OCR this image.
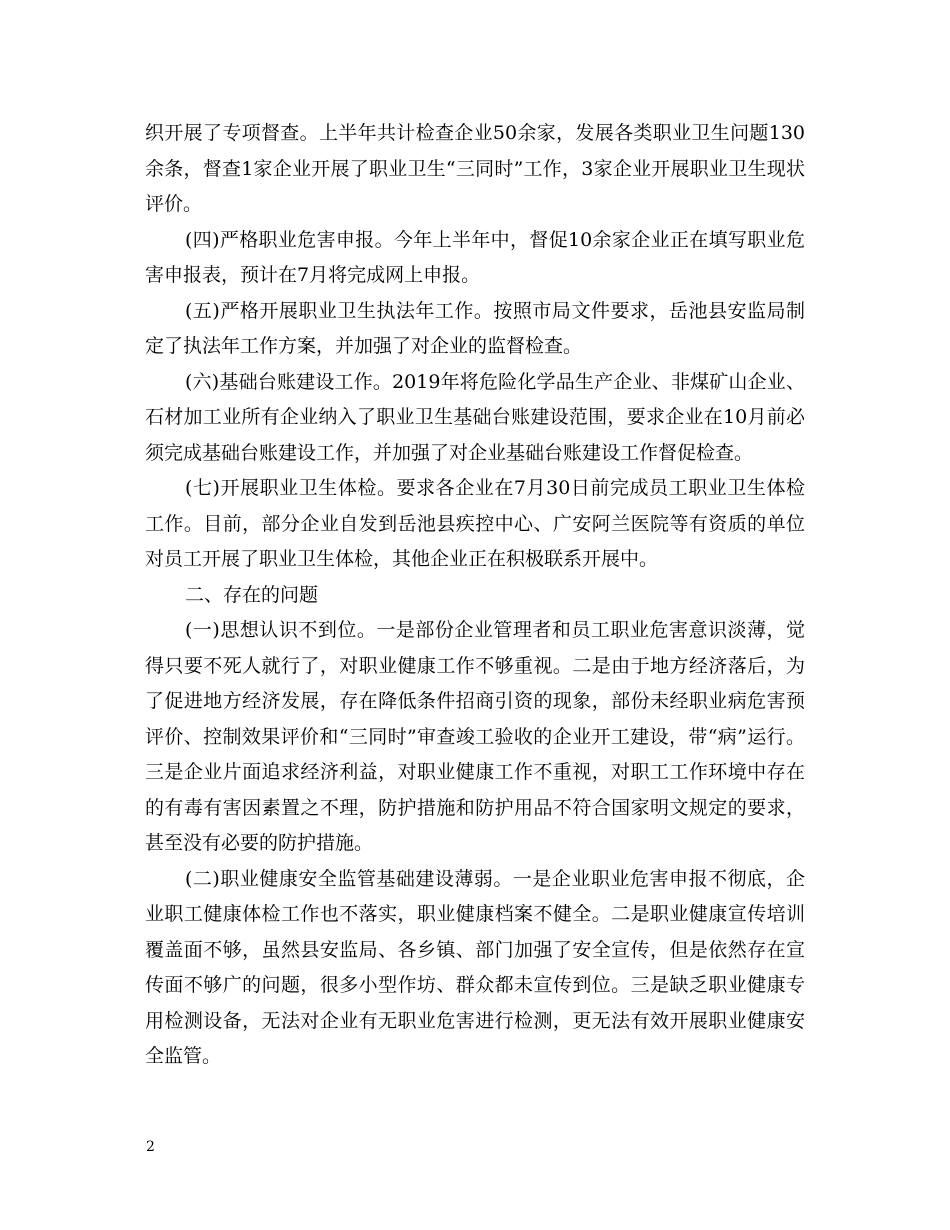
织开展了专项督查。上半年共计检查企业50余家，发展各类职业卫生问题130余条，督查1家企业开展了职业卫生“三同时”工作，3家企业开展职业卫生现状评价。

(四)严格职业危害申报。今年上半年中，督促10余家企业正在填写职业危害申报表，预计在7月将完成网上申报。

(五)严格开展职业卫生执法年工作。按照市局文件要求，岳池县安监局制定了执法年工作方案，并加强了对企业的监督检查。

(六)基础台账建设工作。2019年将危险化学品生产企业、非煤矿山企业、石材加工业所有企业纳入了职业卫生基础台账建设范围，要求企业在10月前必须完成基础台账建设工作，并加强了对企业基础台账建设工作督促检查。

(七)开展职业卫生体检。要求各企业在7月30日前完成员工职业卫生体检工作。目前，部分企业自发到岳池县疾控中心、广安阿兰医院等有资质的单位对员工开展了职业卫生体检，其他企业正在积极联系开展中。

二、存在的问题

(一)思想认识不到位。一是部份企业管理者和员工职业危害意识淡薄，觉得只要不死人就行了，对职业健康工作不够重视。二是由于地方经济落后，为了促进地方经济发展，存在降低条件招商引资的现象，部份未经职业病危害预评价、控制效果评价和“三同时”审查竣工验收的企业开工建设，带“病”运行。三是企业片面追求经济利益，对职业健康工作不重视，对职工工作环境中存在的有毒有害因素置之不理，防护措施和防护用品不符合国家明文规定的要求，甚至没有必要的防护措施。

(二)职业健康安全监管基础建设薄弱。一是企业职业危害申报不彻底，企业职工健康体检工作也不落实，职业健康档案不健全。二是职业健康宣传培训覆盖面不够，虽然县安监局、各乡镇、部门加强了安全宣传，但是依然存在宣传面不够广的问题，很多小型作坊、群众都未宣传到位。三是缺乏职业健康专用检测设备，无法对企业有无职业危害进行检测，更无法有效开展职业健康安全监管。

2
